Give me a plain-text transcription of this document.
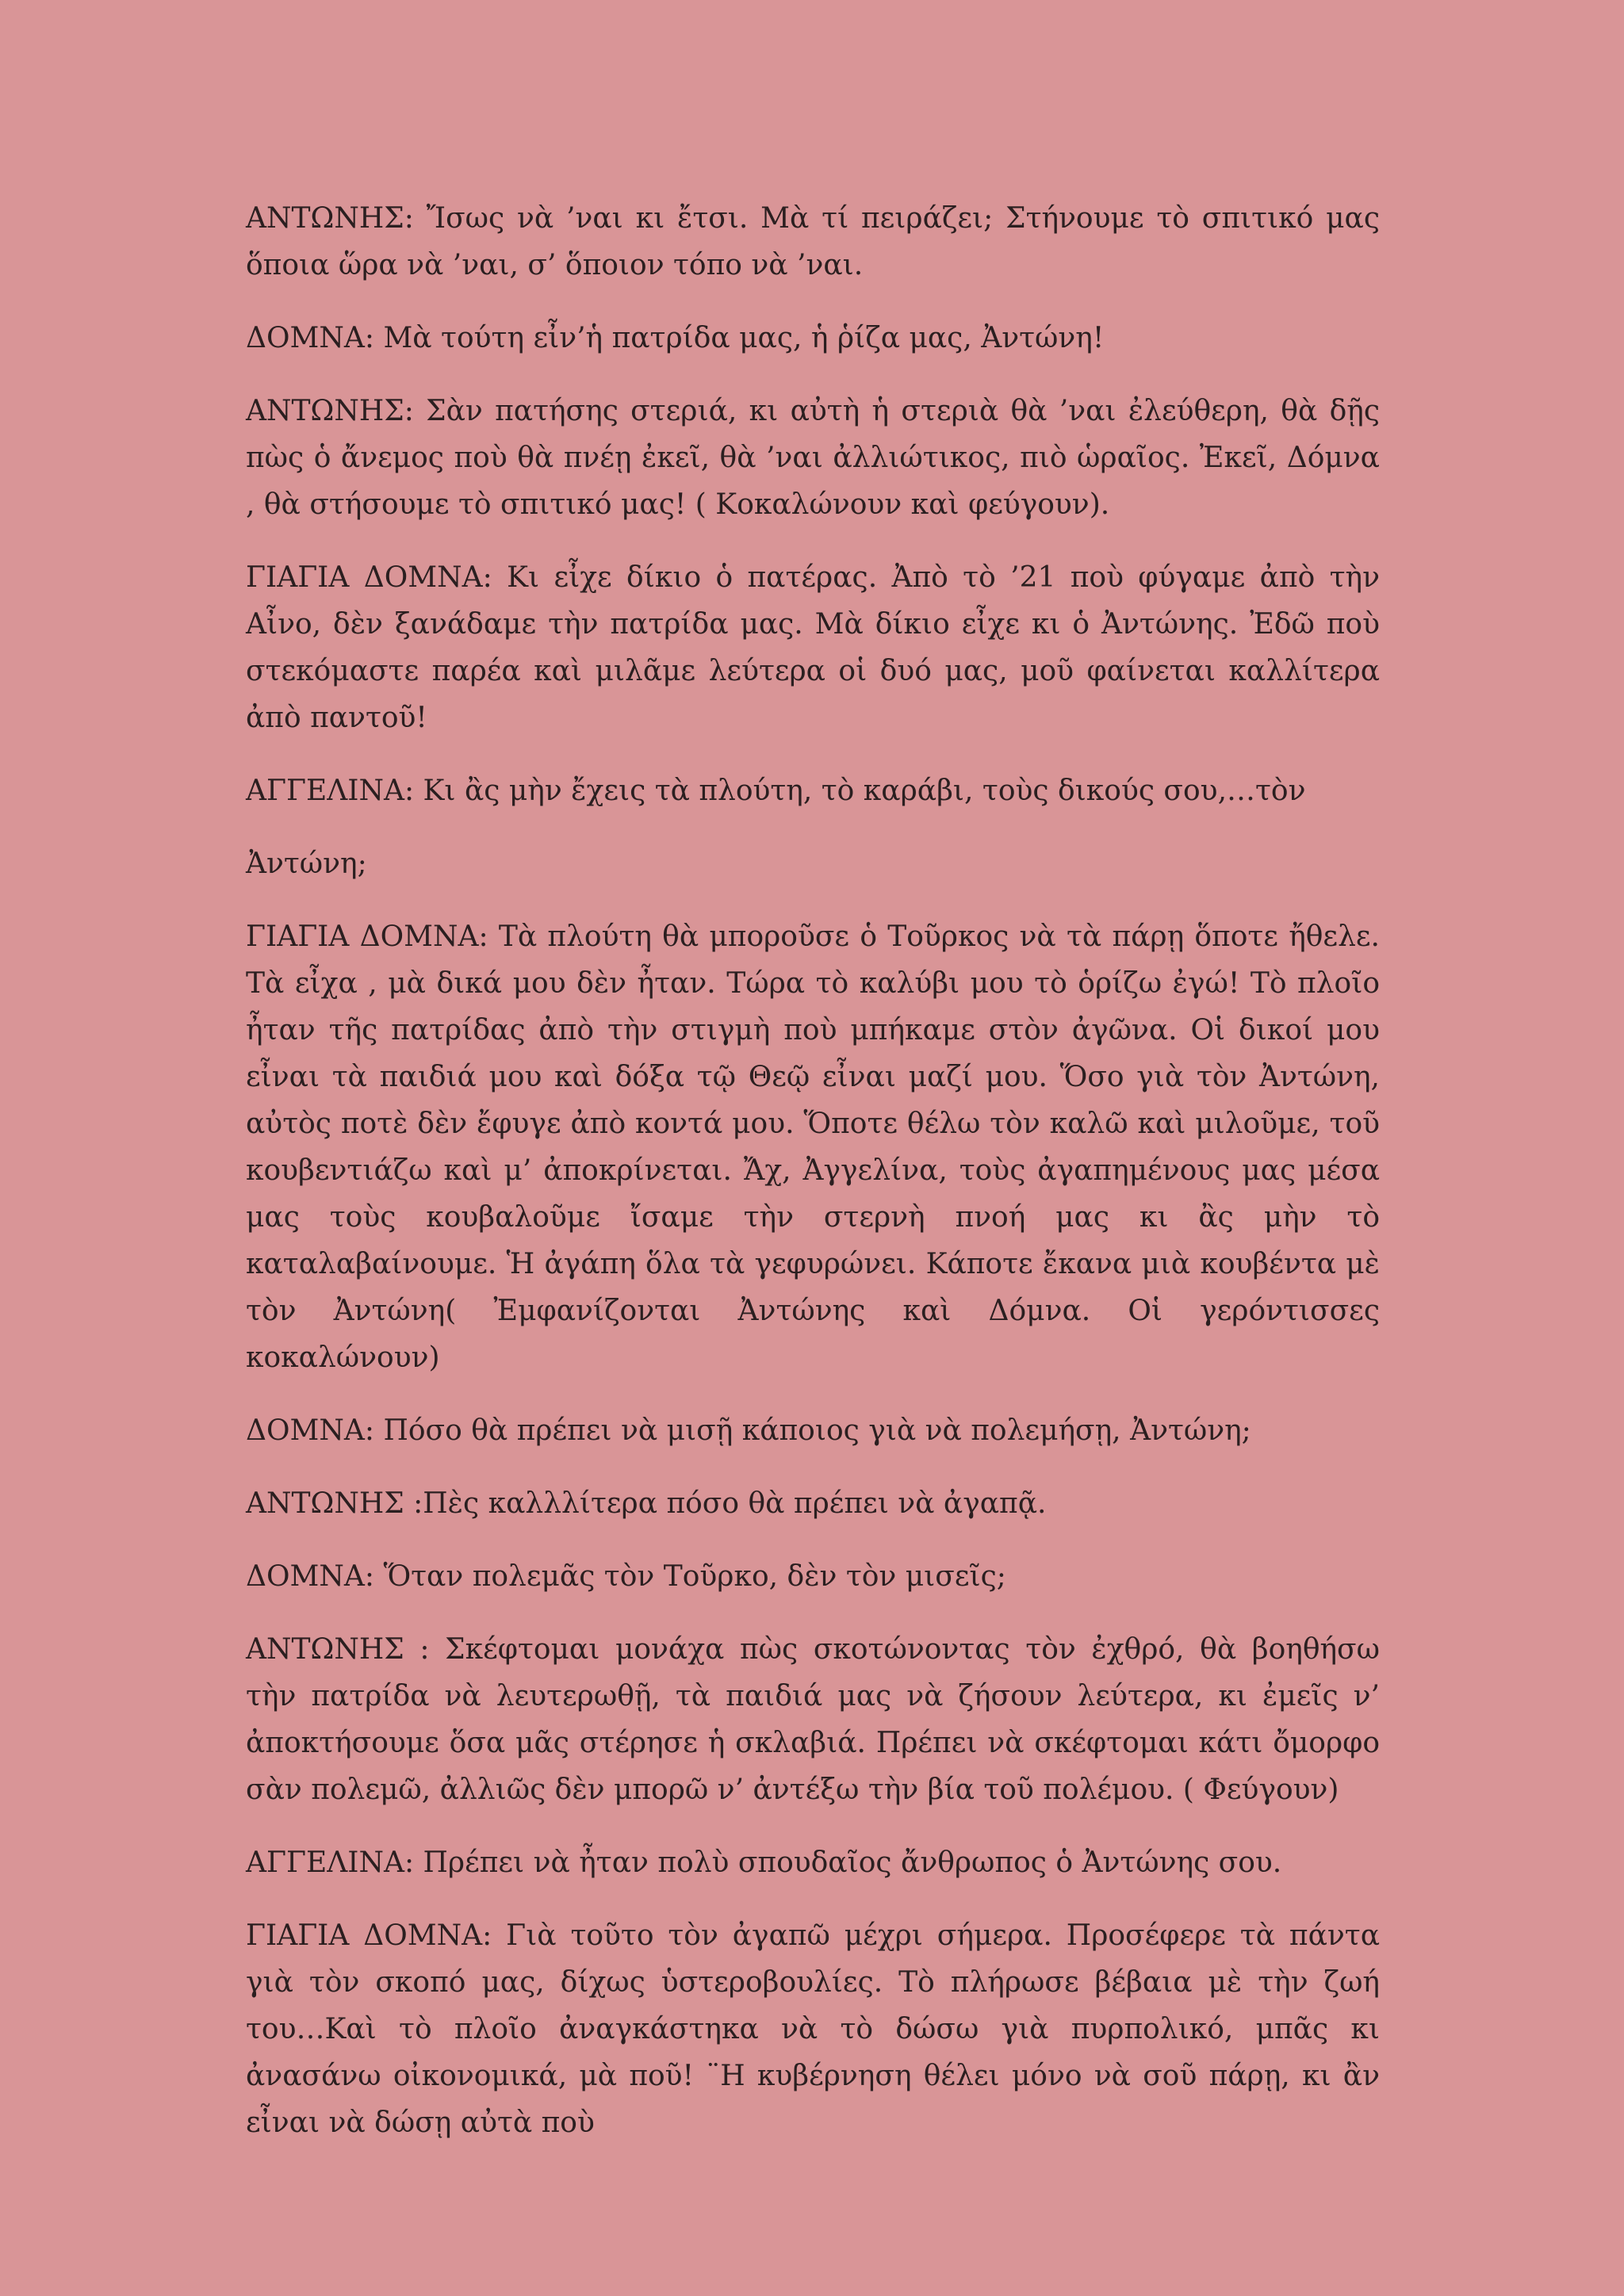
ΑΝΤΩΝΗΣ: Ἴσως νὰ ’ναι κι ἔτσι. Μὰ τί πειράζει; Στήνουμε τὸ σπιτικό μας ὅποια ὥρα νὰ ’ναι, σ’ ὅποιον τόπο νὰ ’ναι.

ΔΟΜΝΑ: Μὰ τούτη εἶν’ἡ πατρίδα μας, ἡ ῥίζα μας, Ἀντώνη!

ΑΝΤΩΝΗΣ: Σὰν πατήσης στεριά, κι αὐτὴ ἡ στεριὰ θὰ ’ναι ἐλεύθερη, θὰ δῇς πὼς ὁ ἄνεμος ποὺ θὰ πνέῃ ἐκεῖ, θὰ ’ναι ἀλλιώτικος, πιὸ ὡραῖος. Ἐκεῖ, Δόμνα , θὰ στήσουμε τὸ σπιτικό μας! ( Κοκαλώνουν καὶ φεύγουν).

ΓΙΑΓΙΑ ΔΟΜΝΑ: Κι εἶχε δίκιο ὁ πατέρας. Ἀπὸ τὸ ’21 ποὺ φύγαμε ἀπὸ τὴν Αἶνο, δὲν ξανάδαμε τὴν πατρίδα μας. Μὰ δίκιο εἶχε κι ὁ Ἀντώνης. Ἐδῶ ποὺ στεκόμαστε παρέα καὶ μιλᾶμε λεύτερα οἱ δυό μας, μοῦ φαίνεται καλλίτερα ἀπὸ παντοῦ!

ΑΓΓΕΛΙΝΑ: Κι ἂς μὴν ἔχεις τὰ πλούτη, τὸ καράβι, τοὺς δικούς σου,…τὸν

Ἀντώνη;

ΓΙΑΓΙΑ ΔΟΜΝΑ: Τὰ πλούτη θὰ μποροῦσε ὁ Τοῦρκος νὰ τὰ πάρῃ ὅποτε ἤθελε. Τὰ εἶχα , μὰ δικά μου δὲν ἦταν. Τώρα τὸ καλύβι μου τὸ ὁρίζω ἐγώ! Τὸ πλοῖο ἦταν τῆς πατρίδας ἀπὸ τὴν στιγμὴ ποὺ μπήκαμε στὸν ἀγῶνα. Οἱ δικοί μου εἶναι τὰ παιδιά μου καὶ δόξα τῷ Θεῷ εἶναι μαζί μου. Ὅσο γιὰ τὸν Ἀντώνη, αὐτὸς ποτὲ δὲν ἔφυγε ἀπὸ κοντά μου. Ὅποτε θέλω τὸν καλῶ καὶ μιλοῦμε, τοῦ κουβεντιάζω καὶ μ’ ἀποκρίνεται. Ἄχ, Ἀγγελίνα, τοὺς ἀγαπημένους μας μέσα μας τοὺς κουβαλοῦμε ἴσαμε τὴν στερνὴ πνοή μας κι ἂς μὴν τὸ καταλαβαίνουμε. Ἡ ἀγάπη ὅλα τὰ γεφυρώνει. Κάποτε ἔκανα μιὰ κουβέντα μὲ τὸν Ἀντώνη( Ἐμφανίζονται Ἀντώνης καὶ Δόμνα. Οἱ γερόντισσες κοκαλώνουν)

ΔΟΜΝΑ: Πόσο θὰ πρέπει νὰ μισῇ κάποιος γιὰ νὰ πολεμήσῃ, Ἀντώνη;

ΑΝΤΩΝΗΣ :Πὲς καλλλίτερα πόσο θὰ πρέπει νὰ ἀγαπᾷ.

ΔΟΜΝΑ: Ὅταν πολεμᾶς τὸν Τοῦρκο, δὲν τὸν μισεῖς;

ΑΝΤΩΝΗΣ : Σκέφτομαι μονάχα πὼς σκοτώνοντας τὸν ἐχθρό, θὰ βοηθήσω τὴν πατρίδα νὰ λευτερωθῇ, τὰ παιδιά μας νὰ ζήσουν λεύτερα, κι ἐμεῖς ν’ ἀποκτήσουμε ὅσα μᾶς στέρησε ἡ σκλαβιά. Πρέπει νὰ σκέφτομαι κάτι ὄμορφο σὰν πολεμῶ, ἀλλιῶς δὲν μπορῶ ν’ ἀντέξω τὴν βία τοῦ πολέμου. ( Φεύγουν)

ΑΓΓΕΛΙΝΑ: Πρέπει νὰ ἦταν πολὺ σπουδαῖος ἄνθρωπος ὁ Ἀντώνης σου.

ΓΙΑΓΙΑ ΔΟΜΝΑ: Γιὰ τοῦτο τὸν ἀγαπῶ μέχρι σήμερα. Προσέφερε τὰ πάντα γιὰ τὸν σκοπό μας, δίχως ὑστεροβουλίες. Τὸ πλήρωσε βέβαια μὲ τὴν ζωή του…Καὶ τὸ πλοῖο ἀναγκάστηκα νὰ τὸ δώσω γιὰ πυρπολικό, μπᾶς κι ἀνασάνω οἰκονομικά, μὰ ποῦ! ¨Η κυβέρνηση θέλει μόνο νὰ σοῦ πάρῃ, κι ἂν εἶναι νὰ δώσῃ αὐτὰ ποὺ
